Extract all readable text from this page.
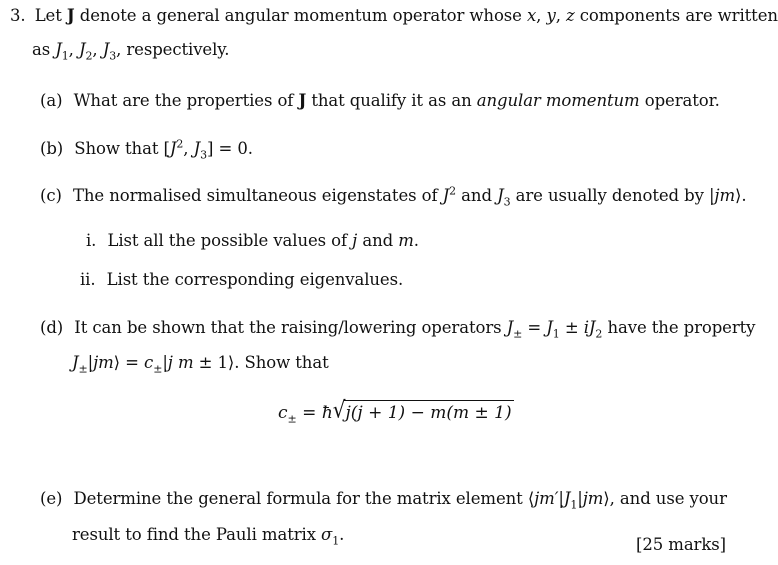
3. Let J denote a general angular momentum operator whose x, y, z components are written
as $J_1$, $J_2$, $J_3$, respectively.
(a) What are the properties of J that qualify it as an angular momentum operator.
(b) Show that [$J^2$, $J_3] = 0$.
(c) The normalised simultaneous eigenstates of $J^2$ and $J_3$ are usually denoted by |jm⟩.
i. List all the possible values of j and m.
ii. List the corresponding eigenvalues.
(d) It can be shown that the raising/lowering operators $J_\pm = J_1 \pm iJ_2$ have the property
$J_\pm|jm⟩ = c_\pm|j$ m ± 1⟩. Show that
$c_\pm$ = ħ√j(j + 1) − m(m ± 1)
(e) Determine the general formula for the matrix element $⟨jm'|J_1|jm⟩$, and use your
result to find the Pauli matrix $\sigma_1$.
[25 marks]
